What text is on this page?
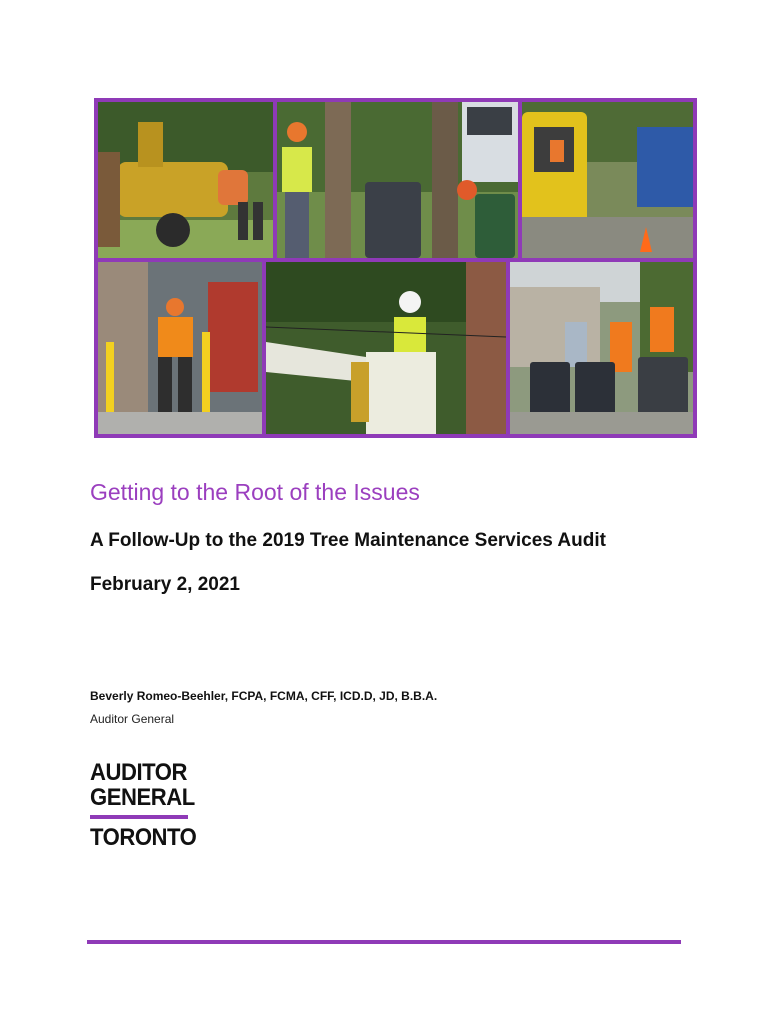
Getting to the Root of the Issues
A Follow-Up to the 2019 Tree Maintenance Services Audit
February 2, 2021
Beverly Romeo-Beehler, FCPA, FCMA, CFF, ICD.D, JD, B.B.A.
Auditor General
AUDITOR
GENERAL
TORONTO
